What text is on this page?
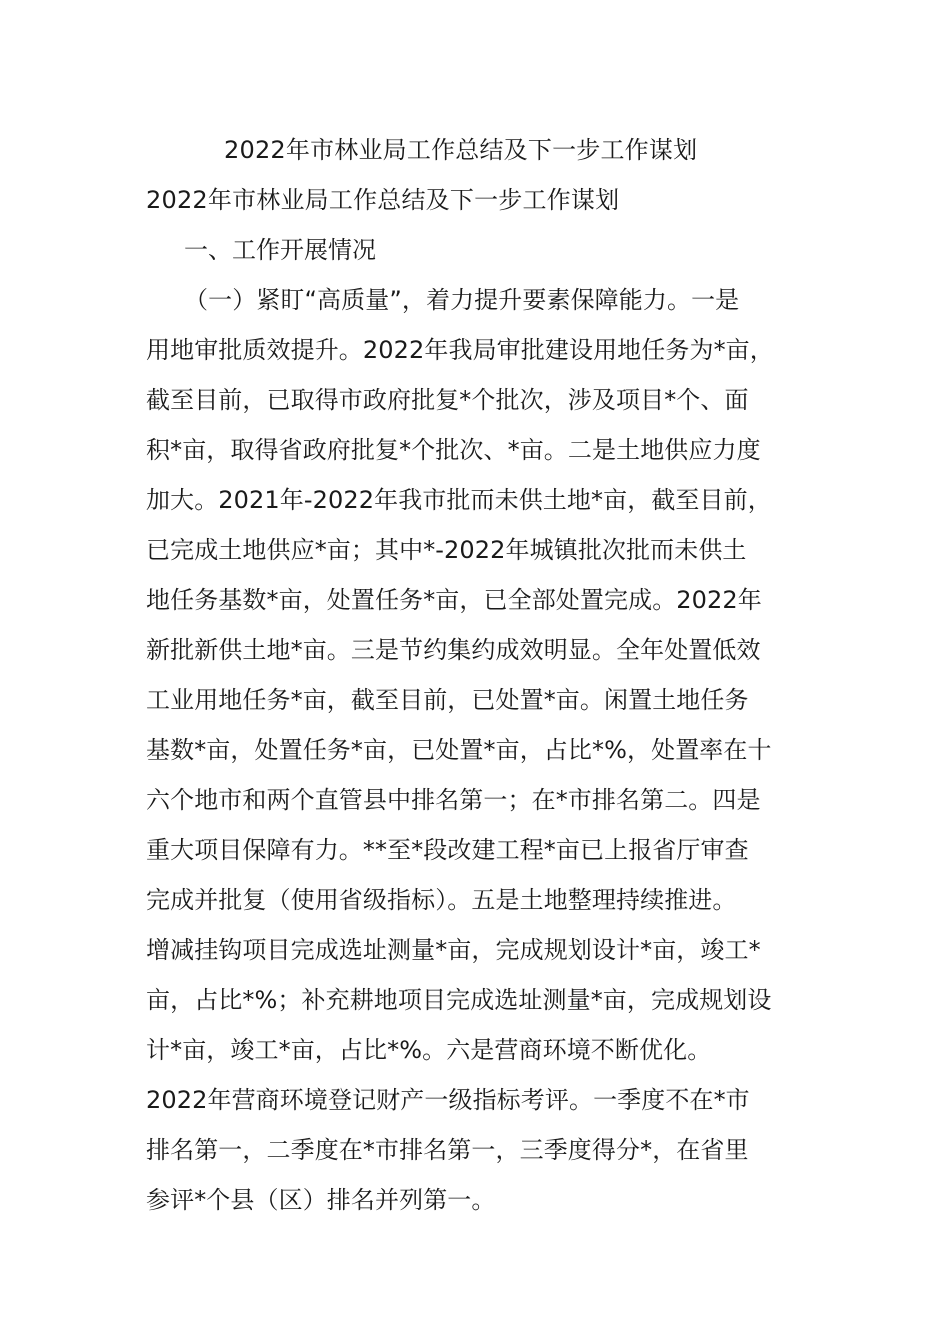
2022年市林业局工作总结及下一步工作谋划
2022年市林业局工作总结及下一步工作谋划
一、工作开展情况
（一）紧盯“高质量”，着力提升要素保障能力。一是
用地审批质效提升。2022年我局审批建设用地任务为*亩，
截至目前，已取得市政府批复*个批次，涉及项目*个、面
积*亩，取得省政府批复*个批次、*亩。二是土地供应力度
加大。2021年-2022年我市批而未供土地*亩，截至目前，
已完成土地供应*亩；其中*-2022年城镇批次批而未供土
地任务基数*亩，处置任务*亩，已全部处置完成。2022年
新批新供土地*亩。三是节约集约成效明显。全年处置低效
工业用地任务*亩，截至目前，已处置*亩。闲置土地任务
基数*亩，处置任务*亩，已处置*亩，占比*%，处置率在十
六个地市和两个直管县中排名第一；在*市排名第二。四是
重大项目保障有力。**至*段改建工程*亩已上报省厅审查
完成并批复（使用省级指标）。五是土地整理持续推进。
增减挂钩项目完成选址测量*亩，完成规划设计*亩，竣工*
亩，占比*%；补充耕地项目完成选址测量*亩，完成规划设
计*亩，竣工*亩，占比*%。六是营商环境不断优化。
2022年营商环境登记财产一级指标考评。一季度不在*市
排名第一，二季度在*市排名第一，三季度得分*，在省里
参评*个县（区）排名并列第一。
